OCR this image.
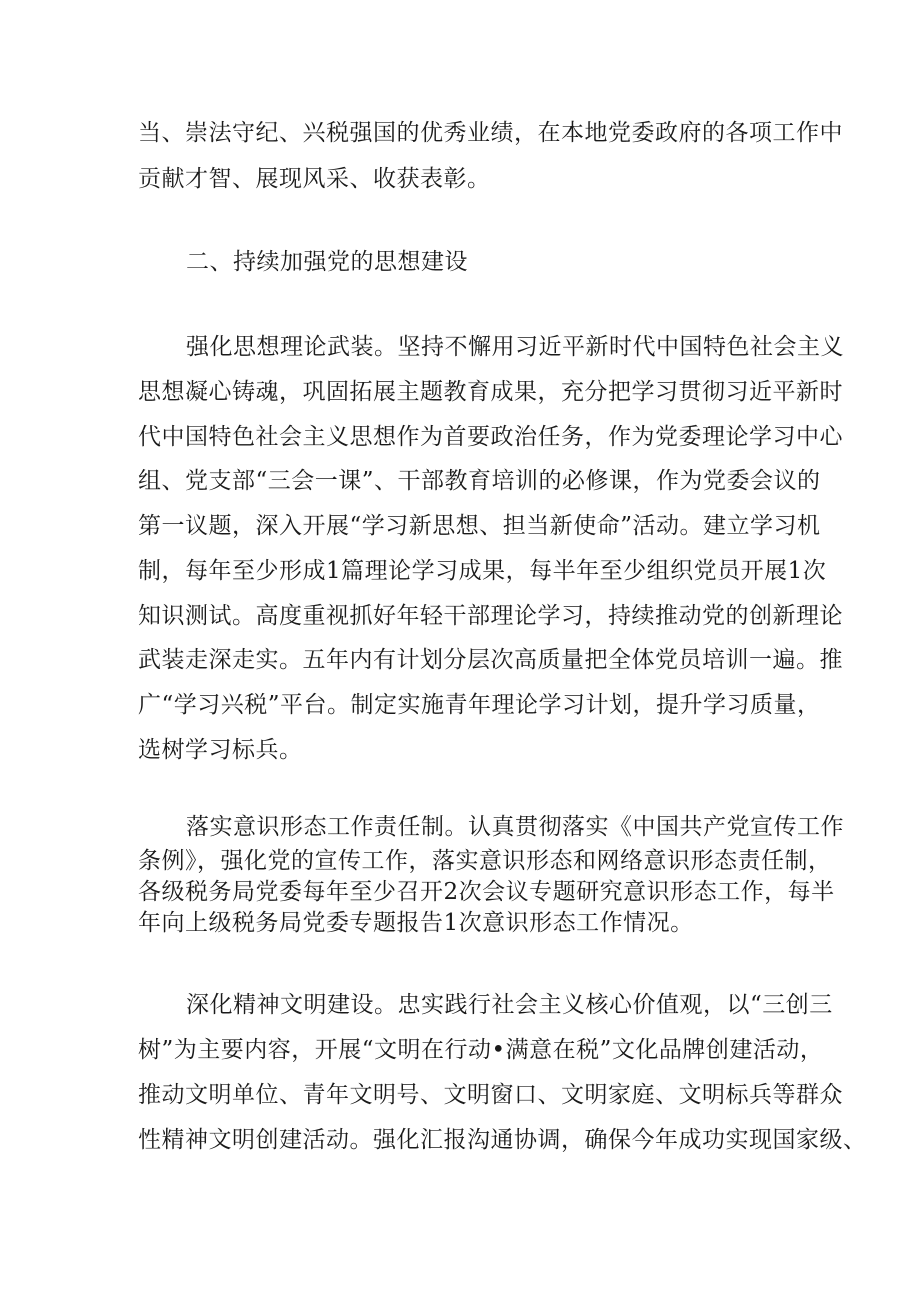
当、崇法守纪、兴税强国的优秀业绩，在本地党委政府的各项工作中
贡献才智、展现风采、收获表彰。
二、持续加强党的思想建设
强化思想理论武装。坚持不懈用习近平新时代中国特色社会主义
思想凝心铸魂，巩固拓展主题教育成果，充分把学习贯彻习近平新时
代中国特色社会主义思想作为首要政治任务，作为党委理论学习中心
组、党支部“三会一课”、干部教育培训的必修课，作为党委会议的
第一议题，深入开展“学习新思想、担当新使命”活动。建立学习机
制，每年至少形成1篇理论学习成果，每半年至少组织党员开展1次
知识测试。高度重视抓好年轻干部理论学习，持续推动党的创新理论
武装走深走实。五年内有计划分层次高质量把全体党员培训一遍。推
广“学习兴税”平台。制定实施青年理论学习计划，提升学习质量，
选树学习标兵。
落实意识形态工作责任制。认真贯彻落实《中国共产党宣传工作
条例》，强化党的宣传工作，落实意识形态和网络意识形态责任制，
各级税务局党委每年至少召开2次会议专题研究意识形态工作，每半
年向上级税务局党委专题报告1次意识形态工作情况。
深化精神文明建设。忠实践行社会主义核心价值观，以“三创三
树”为主要内容，开展“文明在行动•满意在税”文化品牌创建活动，
推动文明单位、青年文明号、文明窗口、文明家庭、文明标兵等群众
性精神文明创建活动。强化汇报沟通协调，确保今年成功实现国家级、
